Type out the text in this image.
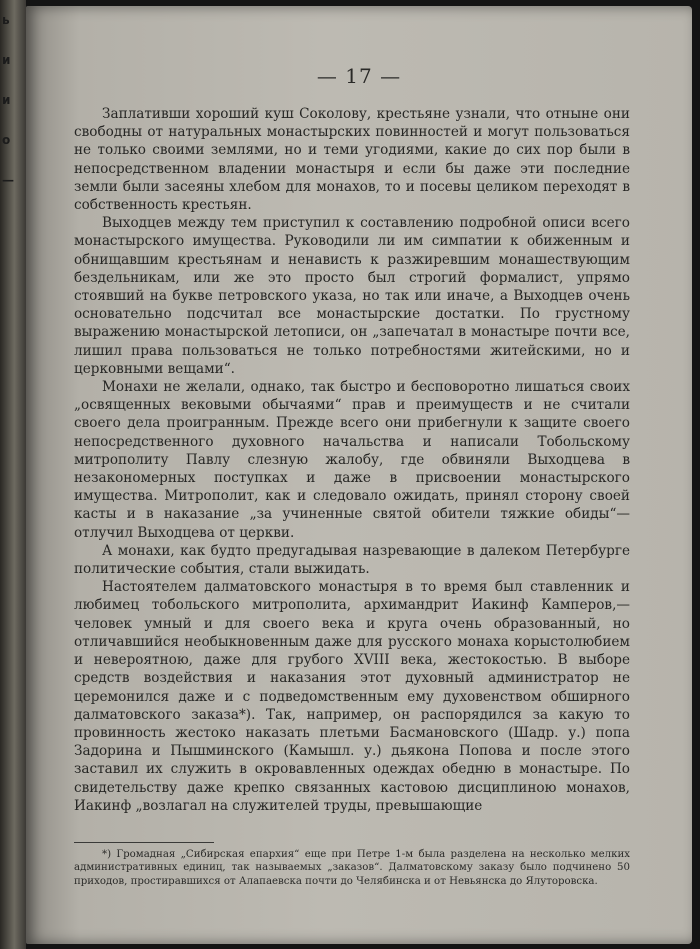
ь
и
и
о
—
— 17 —

Заплативши хороший куш Соколову, крестьяне узнали, что отныне они свободны от натуральных монастырских повинностей и могут пользоваться не только своими землями, но и теми угодиями, какие до сих пор были в непосредственном владении монастыря и если бы даже эти последние земли были засеяны хлебом для монахов, то и посевы целиком переходят в собственность крестьян.

Выходцев между тем приступил к составлению подробной описи всего монастырского имущества. Руководили ли им симпатии к обиженным и обнищавшим крестьянам и ненависть к разжиревшим монашествующим бездельникам, или же это просто был строгий формалист, упрямо стоявший на букве петровского указа, но так или иначе, а Выходцев очень основательно подсчитал все монастырские достатки. По грустному выражению монастырской летописи, он „запечатал в монастыре почти все, лишил права пользоваться не только потребностями житейскими, но и церковными вещами“.

Монахи не желали, однако, так быстро и бесповоротно лишаться своих „освященных вековыми обычаями“ прав и преимуществ и не считали своего дела проигранным. Прежде всего они прибегнули к защите своего непосредственного духовного начальства и написали Тобольскому митрополиту Павлу слезную жалобу, где обвиняли Выходцева в незакономерных поступках и даже в присвоении монастырского имущества. Митрополит, как и следовало ожидать, принял сторону своей касты и в наказание „за учиненные святой обители тяжкие обиды“—отлучил Выходцева от церкви.

А монахи, как будто предугадывая назревающие в далеком Петербурге политические события, стали выжидать.

Настоятелем далматовского монастыря в то время был ставленник и любимец тобольского митрополита, архимандрит Иакинф Камперов,—человек умный и для своего века и круга очень образованный, но отличавшийся необыкновенным даже для русского монаха корыстолюбием и невероятною, даже для грубого XVIII века, жестокостью. В выборе средств воздействия и наказания этот духовный администратор не церемонился даже и с подведомственным ему духовенством обширного далматовского заказа*). Так, например, он распорядился за какую то провинность жестоко наказать плетьми Басмановского (Шадр. у.) попа Задорина и Пышминского (Камышл. у.) дьякона Попова и после этого заставил их служить в окровавленных одеждах обедню в монастыре. По свидетельству даже крепко связанных кастовою дисциплиною монахов, Иакинф „возлагал на служителей труды, превышающие

*) Громадная „Сибирская епархия“ еще при Петре 1-м была разделена на несколько мелких административных единиц, так называемых „заказов“. Далматовскому заказу было подчинено 50 приходов, простиравшихся от Алапаевска почти до Челябинска и от Невьянска до Ялуторовска.
